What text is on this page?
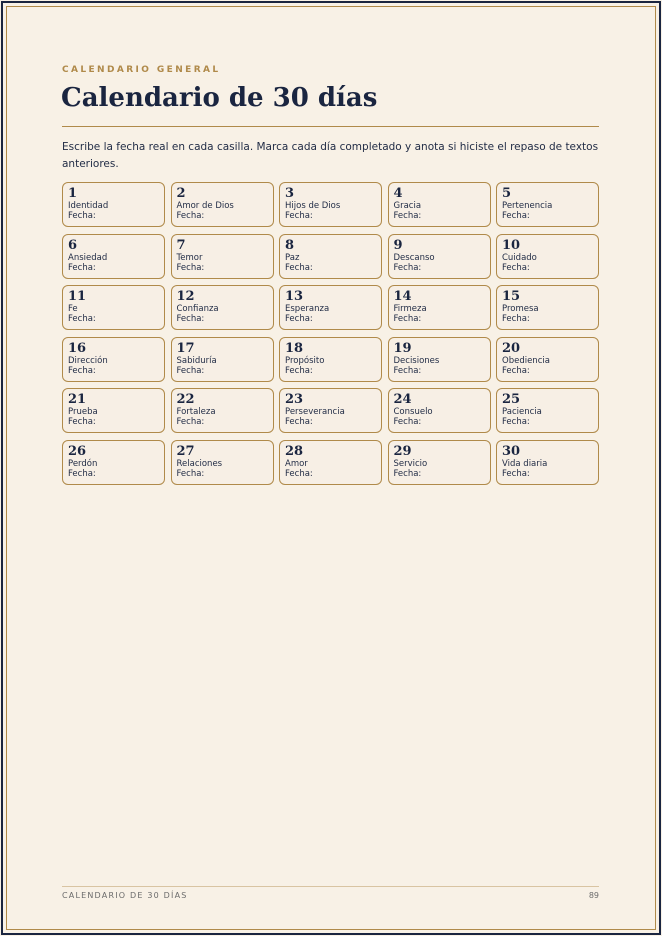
CALENDARIO GENERAL
Calendario de 30 días

Escribe la fecha real en cada casilla. Marca cada día completado y anota si hiciste el repaso de textos anteriores.

1
Identidad
Fecha:
2
Amor de Dios
Fecha:
3
Hijos de Dios
Fecha:
4
Gracia
Fecha:
5
Pertenencia
Fecha:
6
Ansiedad
Fecha:
7
Temor
Fecha:
8
Paz
Fecha:
9
Descanso
Fecha:
10
Cuidado
Fecha:
11
Fe
Fecha:
12
Confianza
Fecha:
13
Esperanza
Fecha:
14
Firmeza
Fecha:
15
Promesa
Fecha:
16
Dirección
Fecha:
17
Sabiduría
Fecha:
18
Propósito
Fecha:
19
Decisiones
Fecha:
20
Obediencia
Fecha:
21
Prueba
Fecha:
22
Fortaleza
Fecha:
23
Perseverancia
Fecha:
24
Consuelo
Fecha:
25
Paciencia
Fecha:
26
Perdón
Fecha:
27
Relaciones
Fecha:
28
Amor
Fecha:
29
Servicio
Fecha:
30
Vida diaria
Fecha:
CALENDARIO DE 30 DÍAS	89
